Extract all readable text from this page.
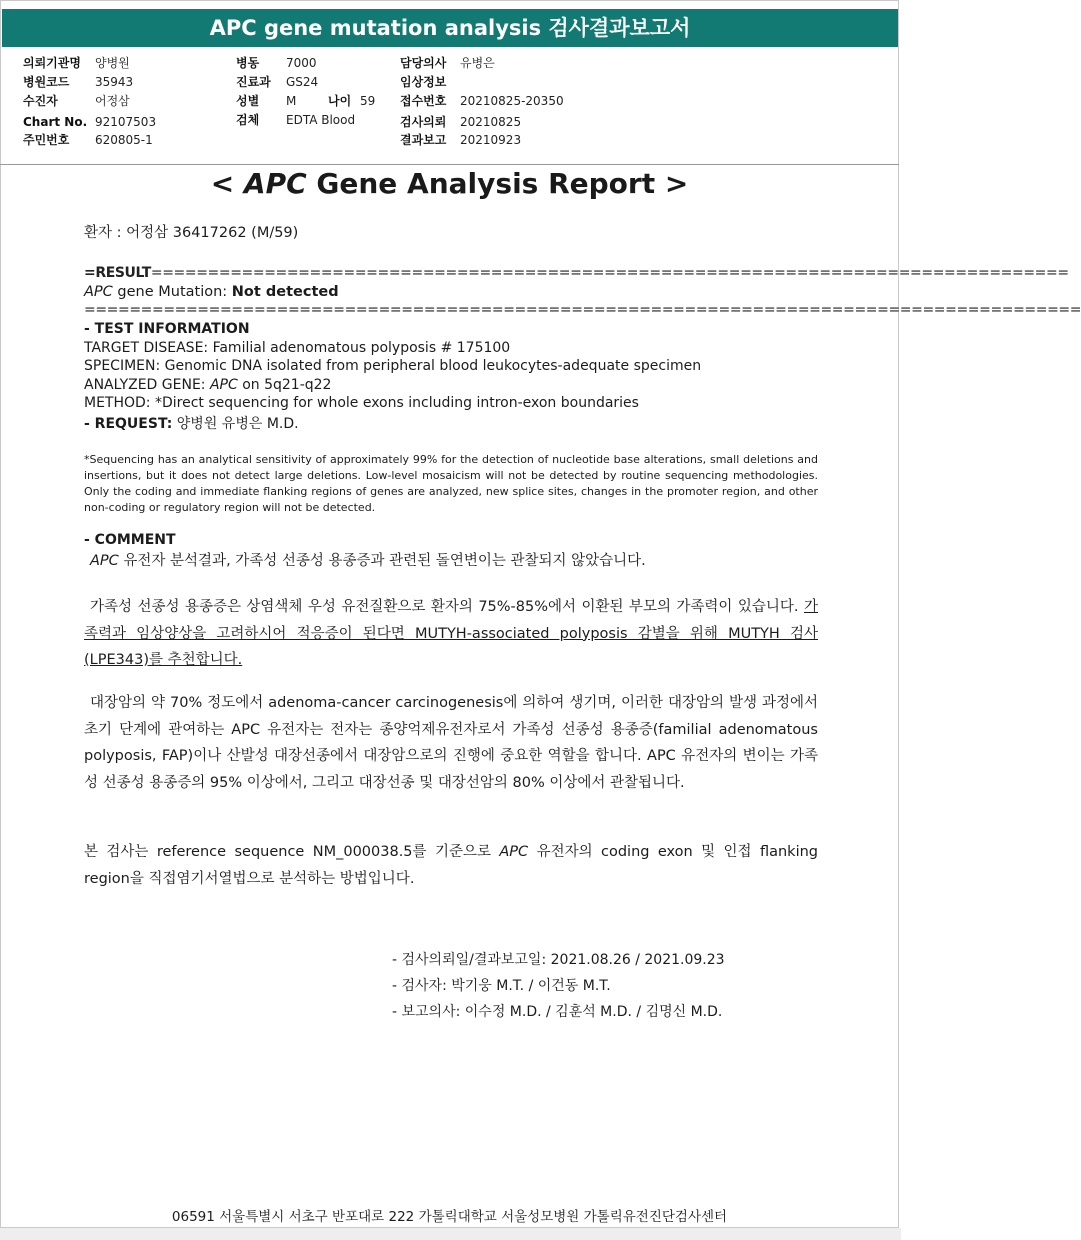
APC gene mutation analysis 검사결과보고서
의뢰기관명 양병원
병원코드 35943
수진자	어정삼
Chart No. 92107503
주민번호 620805-1
병동 7000
진료과 GS24
성별 M	나이 59
검체 EDTA Blood
담당의사 유병은
임상정보
접수번호 20210825-20350
검사의뢰 20210825
결과보고 20210923
< APC Gene Analysis Report >
환자 : 어정삼 36417262 (M/59)
=RESULT=================================================================================
APC gene Mutation: Not detected
========================================================================================
- TEST INFORMATION
TARGET DISEASE: Familial adenomatous polyposis # 175100
SPECIMEN: Genomic DNA isolated from peripheral blood leukocytes-adequate specimen
ANALYZED GENE: APC on 5q21-q22
METHOD: *Direct sequencing for whole exons including intron-exon boundaries
- REQUEST: 양병원 유병은 M.D.
*Sequencing has an analytical sensitivity of approximately 99% for the detection of nucleotide base alterations, small deletions and insertions, but it does not detect large deletions. Low-level mosaicism will not be detected by routine sequencing methodologies. Only the coding and immediate flanking regions of genes are analyzed, new splice sites, changes in the promoter region, and other non-coding or regulatory region will not be detected.
- COMMENT
APC 유전자 분석결과, 가족성 선종성 용종증과 관련된 돌연변이는 관찰되지 않았습니다.
가족성 선종성 용종증은 상염색체 우성 유전질환으로 환자의 75%-85%에서 이환된 부모의 가족력이 있습니다. 가족력과 임상양상을 고려하시어 적응증이 된다면 MUTYH-associated polyposis 감별을 위해 MUTYH 검사(LPE343)를 추천합니다.
대장암의 약 70% 정도에서 adenoma-cancer carcinogenesis에 의하여 생기며, 이러한 대장암의 발생 과정에서 초기 단계에 관여하는 APC 유전자는 전자는 종양억제유전자로서 가족성 선종성 용종증(familial adenomatous polyposis, FAP)이나 산발성 대장선종에서 대장암으로의 진행에 중요한 역할을 합니다. APC 유전자의 변이는 가족성 선종성 용종증의 95% 이상에서, 그리고 대장선종 및 대장선암의 80% 이상에서 관찰됩니다.
본 검사는 reference sequence NM_000038.5를 기준으로 APC 유전자의 coding exon 및 인접 flanking region을 직접염기서열법으로 분석하는 방법입니다.
- 검사의뢰일/결과보고일: 2021.08.26 / 2021.09.23
- 검사자: 박기웅 M.T. / 이건동 M.T.
- 보고의사: 이수정 M.D. / 김훈석 M.D. / 김명신 M.D.
06591 서울특별시 서초구 반포대로 222 가톨릭대학교 서울성모병원 가톨릭유전진단검사센터
